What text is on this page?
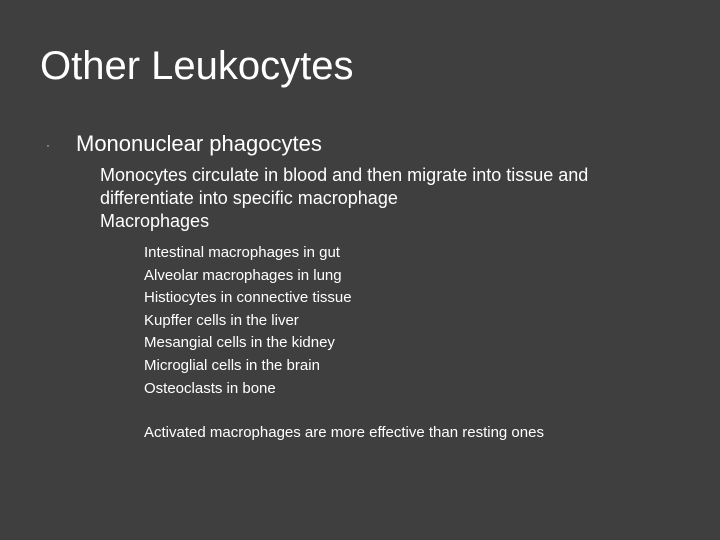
Other Leukocytes
· Mononuclear phagocytes
Monocytes circulate in blood and then migrate into tissue and differentiate into specific macrophage
Macrophages
Intestinal macrophages in gut
Alveolar macrophages in lung
Histiocytes in connective tissue
Kupffer cells in the liver
Mesangial cells in the kidney
Microglial cells in the brain
Osteoclasts in bone
Activated macrophages are more effective than resting ones
